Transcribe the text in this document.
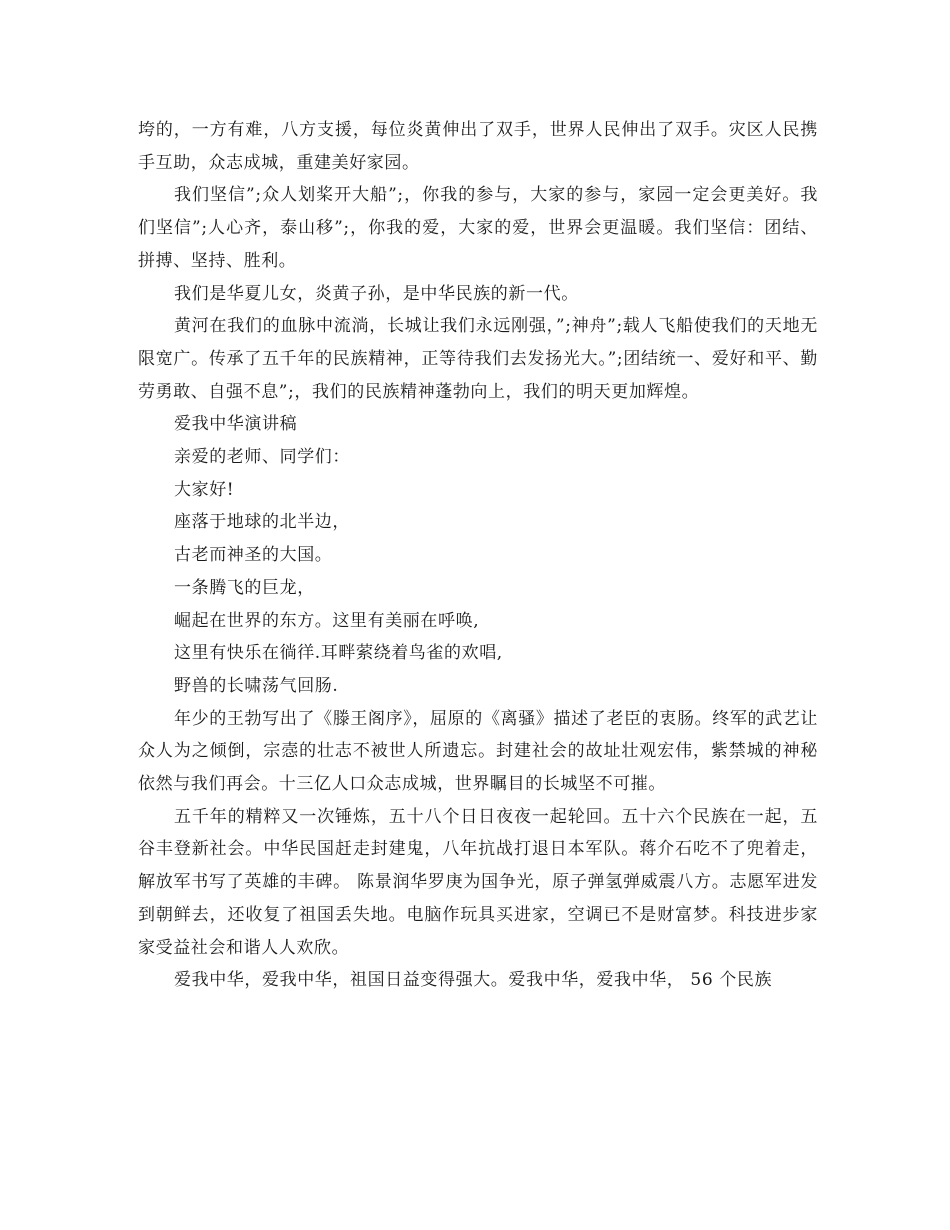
垮的，一方有难，八方支援，每位炎黄伸出了双手，世界人民伸出了双手。灾区人民携手互助，众志成城，重建美好家园。

我们坚信”;众人划桨开大船”;，你我的参与，大家的参与，家园一定会更美好。我们坚信”;人心齐，泰山移”;，你我的爱，大家的爱，世界会更温暖。我们坚信：团结、拼搏、坚持、胜利。

我们是华夏儿女，炎黄子孙，是中华民族的新一代。

黄河在我们的血脉中流淌，长城让我们永远刚强，”;神舟”;载人飞船使我们的天地无限宽广。传承了五千年的民族精神，正等待我们去发扬光大。”;团结统一、爱好和平、勤劳勇敢、自强不息”;，我们的民族精神蓬勃向上，我们的明天更加辉煌。

爱我中华演讲稿

亲爱的老师、同学们：

大家好!

座落于地球的北半边，

古老而神圣的大国。

一条腾飞的巨龙，

崛起在世界的东方。这里有美丽在呼唤,

这里有快乐在徜徉.耳畔萦绕着鸟雀的欢唱,

野兽的长啸荡气回肠.

年少的王勃写出了《滕王阁序》，屈原的《离骚》描述了老臣的衷肠。终军的武艺让众人为之倾倒，宗悫的壮志不被世人所遗忘。封建社会的故址壮观宏伟，紫禁城的神秘依然与我们再会。十三亿人口众志成城，世界瞩目的长城坚不可摧。

五千年的精粹又一次锤炼，五十八个日日夜夜一起轮回。五十六个民族在一起，五谷丰登新社会。中华民国赶走封建鬼，八年抗战打退日本军队。蒋介石吃不了兜着走，解放军书写了英雄的丰碑。 陈景润华罗庚为国争光，原子弹氢弹威震八方。志愿军进发到朝鲜去，还收复了祖国丢失地。电脑作玩具买进家，空调已不是财富梦。科技进步家家受益社会和谐人人欢欣。

爱我中华，爱我中华，祖国日益变得强大。爱我中华，爱我中华， 56 个民族
